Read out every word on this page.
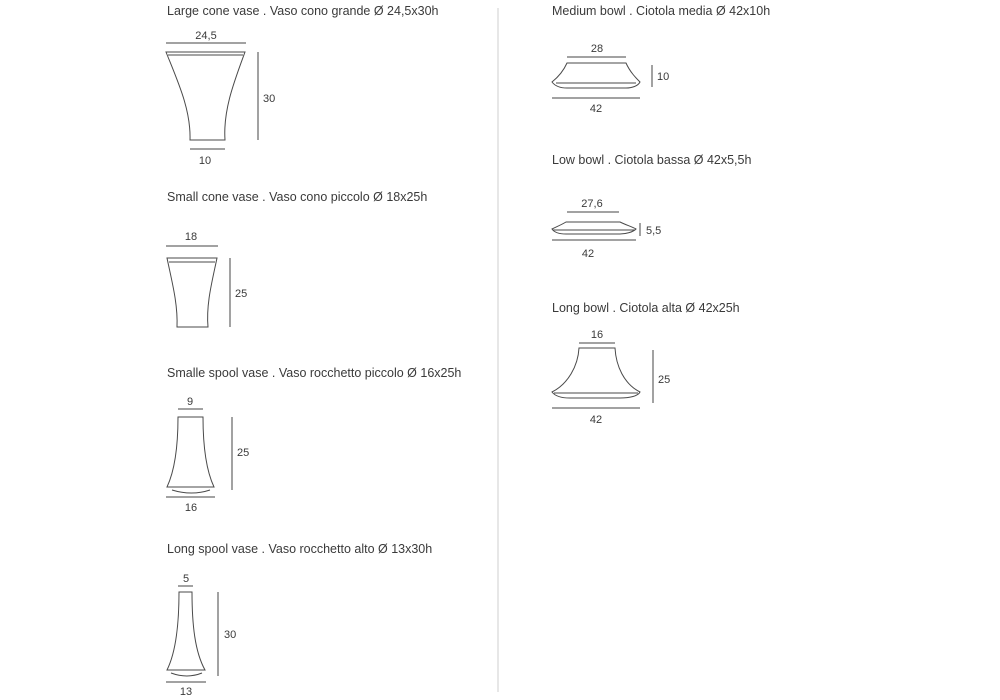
Large cone vase . Vaso cono grande Ø 24,5x30h
Small cone vase . Vaso cono piccolo Ø 18x25h
Smalle spool vase . Vaso rocchetto piccolo Ø 16x25h
Long spool vase . Vaso rocchetto alto Ø 13x30h
Medium bowl . Ciotola media Ø 42x10h
Low bowl . Ciotola bassa Ø 42x5,5h
Long bowl . Ciotola alta Ø 42x25h
24,5
30
10
18
25
9
25
16
5
30
13
28
10
42
27,6
5,5
42
16
25
42
